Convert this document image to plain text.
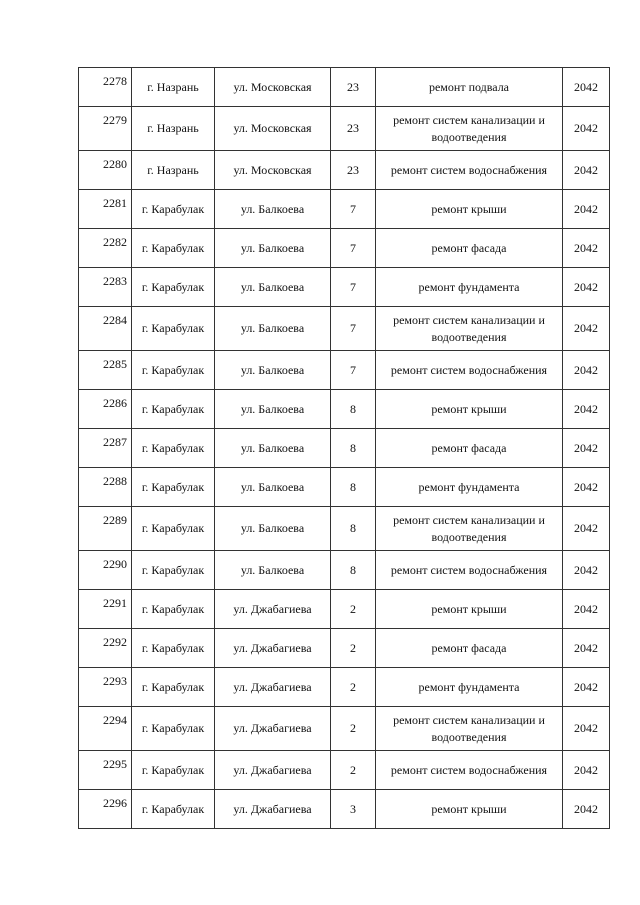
2278	г. Назрань	ул. Московская	23	ремонт подвала	2042
2279	г. Назрань	ул. Московская	23	ремонт систем канализации и водоотведения	2042
2280	г. Назрань	ул. Московская	23	ремонт систем водоснабжения	2042
2281	г. Карабулак	ул. Балкоева	7	ремонт крыши	2042
2282	г. Карабулак	ул. Балкоева	7	ремонт фасада	2042
2283	г. Карабулак	ул. Балкоева	7	ремонт фундамента	2042
2284	г. Карабулак	ул. Балкоева	7	ремонт систем канализации и водоотведения	2042
2285	г. Карабулак	ул. Балкоева	7	ремонт систем водоснабжения	2042
2286	г. Карабулак	ул. Балкоева	8	ремонт крыши	2042
2287	г. Карабулак	ул. Балкоева	8	ремонт фасада	2042
2288	г. Карабулак	ул. Балкоева	8	ремонт фундамента	2042
2289	г. Карабулак	ул. Балкоева	8	ремонт систем канализации и водоотведения	2042
2290	г. Карабулак	ул. Балкоева	8	ремонт систем водоснабжения	2042
2291	г. Карабулак	ул. Джабагиева	2	ремонт крыши	2042
2292	г. Карабулак	ул. Джабагиева	2	ремонт фасада	2042
2293	г. Карабулак	ул. Джабагиева	2	ремонт фундамента	2042
2294	г. Карабулак	ул. Джабагиева	2	ремонт систем канализации и водоотведения	2042
2295	г. Карабулак	ул. Джабагиева	2	ремонт систем водоснабжения	2042
2296	г. Карабулак	ул. Джабагиева	3	ремонт крыши	2042
